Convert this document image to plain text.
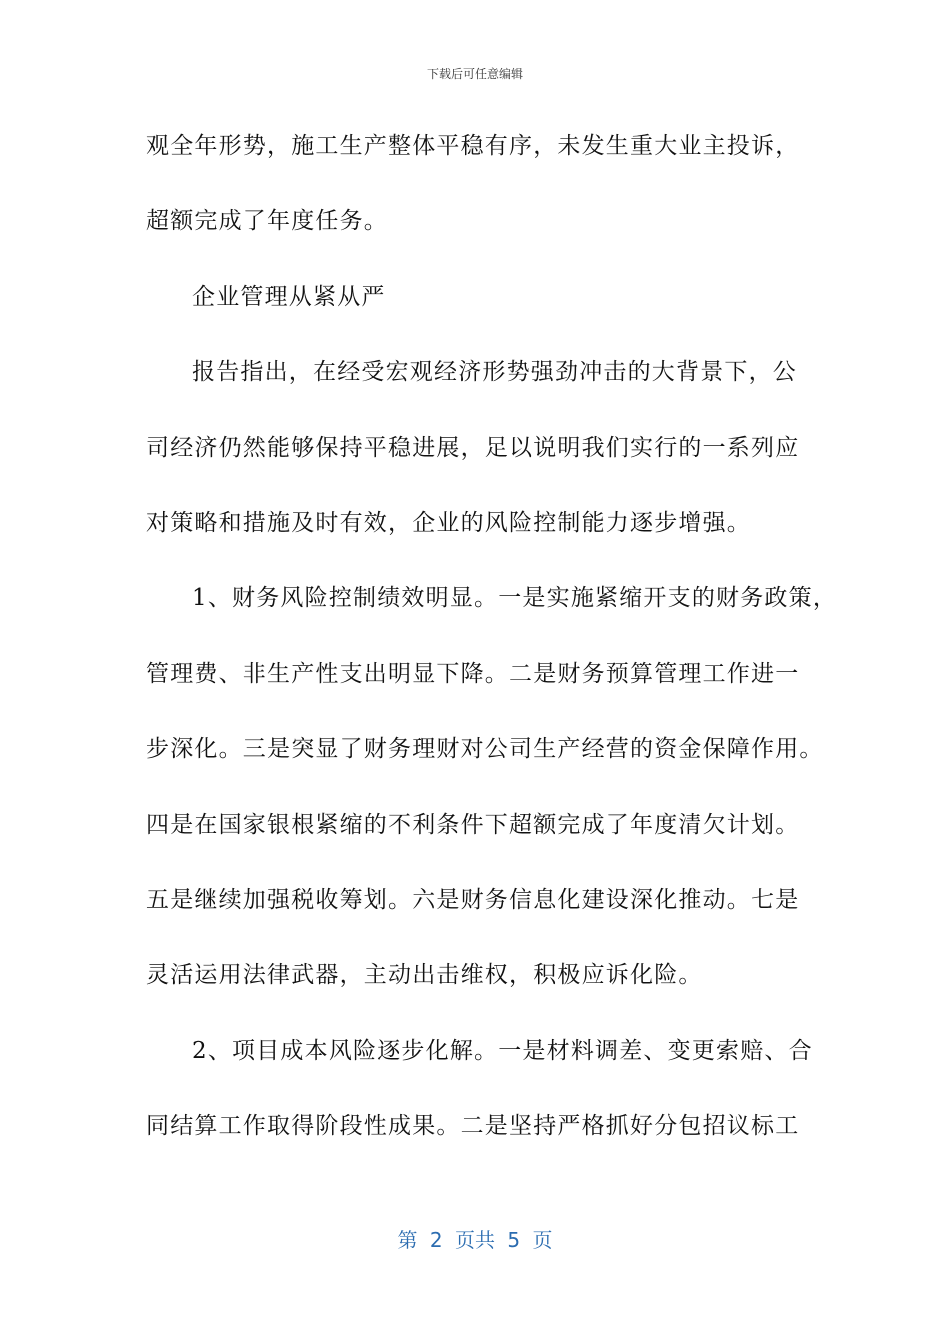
下载后可任意编辑
观全年形势，施工生产整体平稳有序，未发生重大业主投诉，
超额完成了年度任务。
企业管理从紧从严
报告指出，在经受宏观经济形势强劲冲击的大背景下，公
司经济仍然能够保持平稳进展，足以说明我们实行的一系列应
对策略和措施及时有效，企业的风险控制能力逐步增强。
1、财务风险控制绩效明显。一是实施紧缩开支的财务政策，
管理费、非生产性支出明显下降。二是财务预算管理工作进一
步深化。三是突显了财务理财对公司生产经营的资金保障作用。
四是在国家银根紧缩的不利条件下超额完成了年度清欠计划。
五是继续加强税收筹划。六是财务信息化建设深化推动。七是
灵活运用法律武器，主动出击维权，积极应诉化险。
2、项目成本风险逐步化解。一是材料调差、变更索赔、合
同结算工作取得阶段性成果。二是坚持严格抓好分包招议标工
第 2 页共 5 页
